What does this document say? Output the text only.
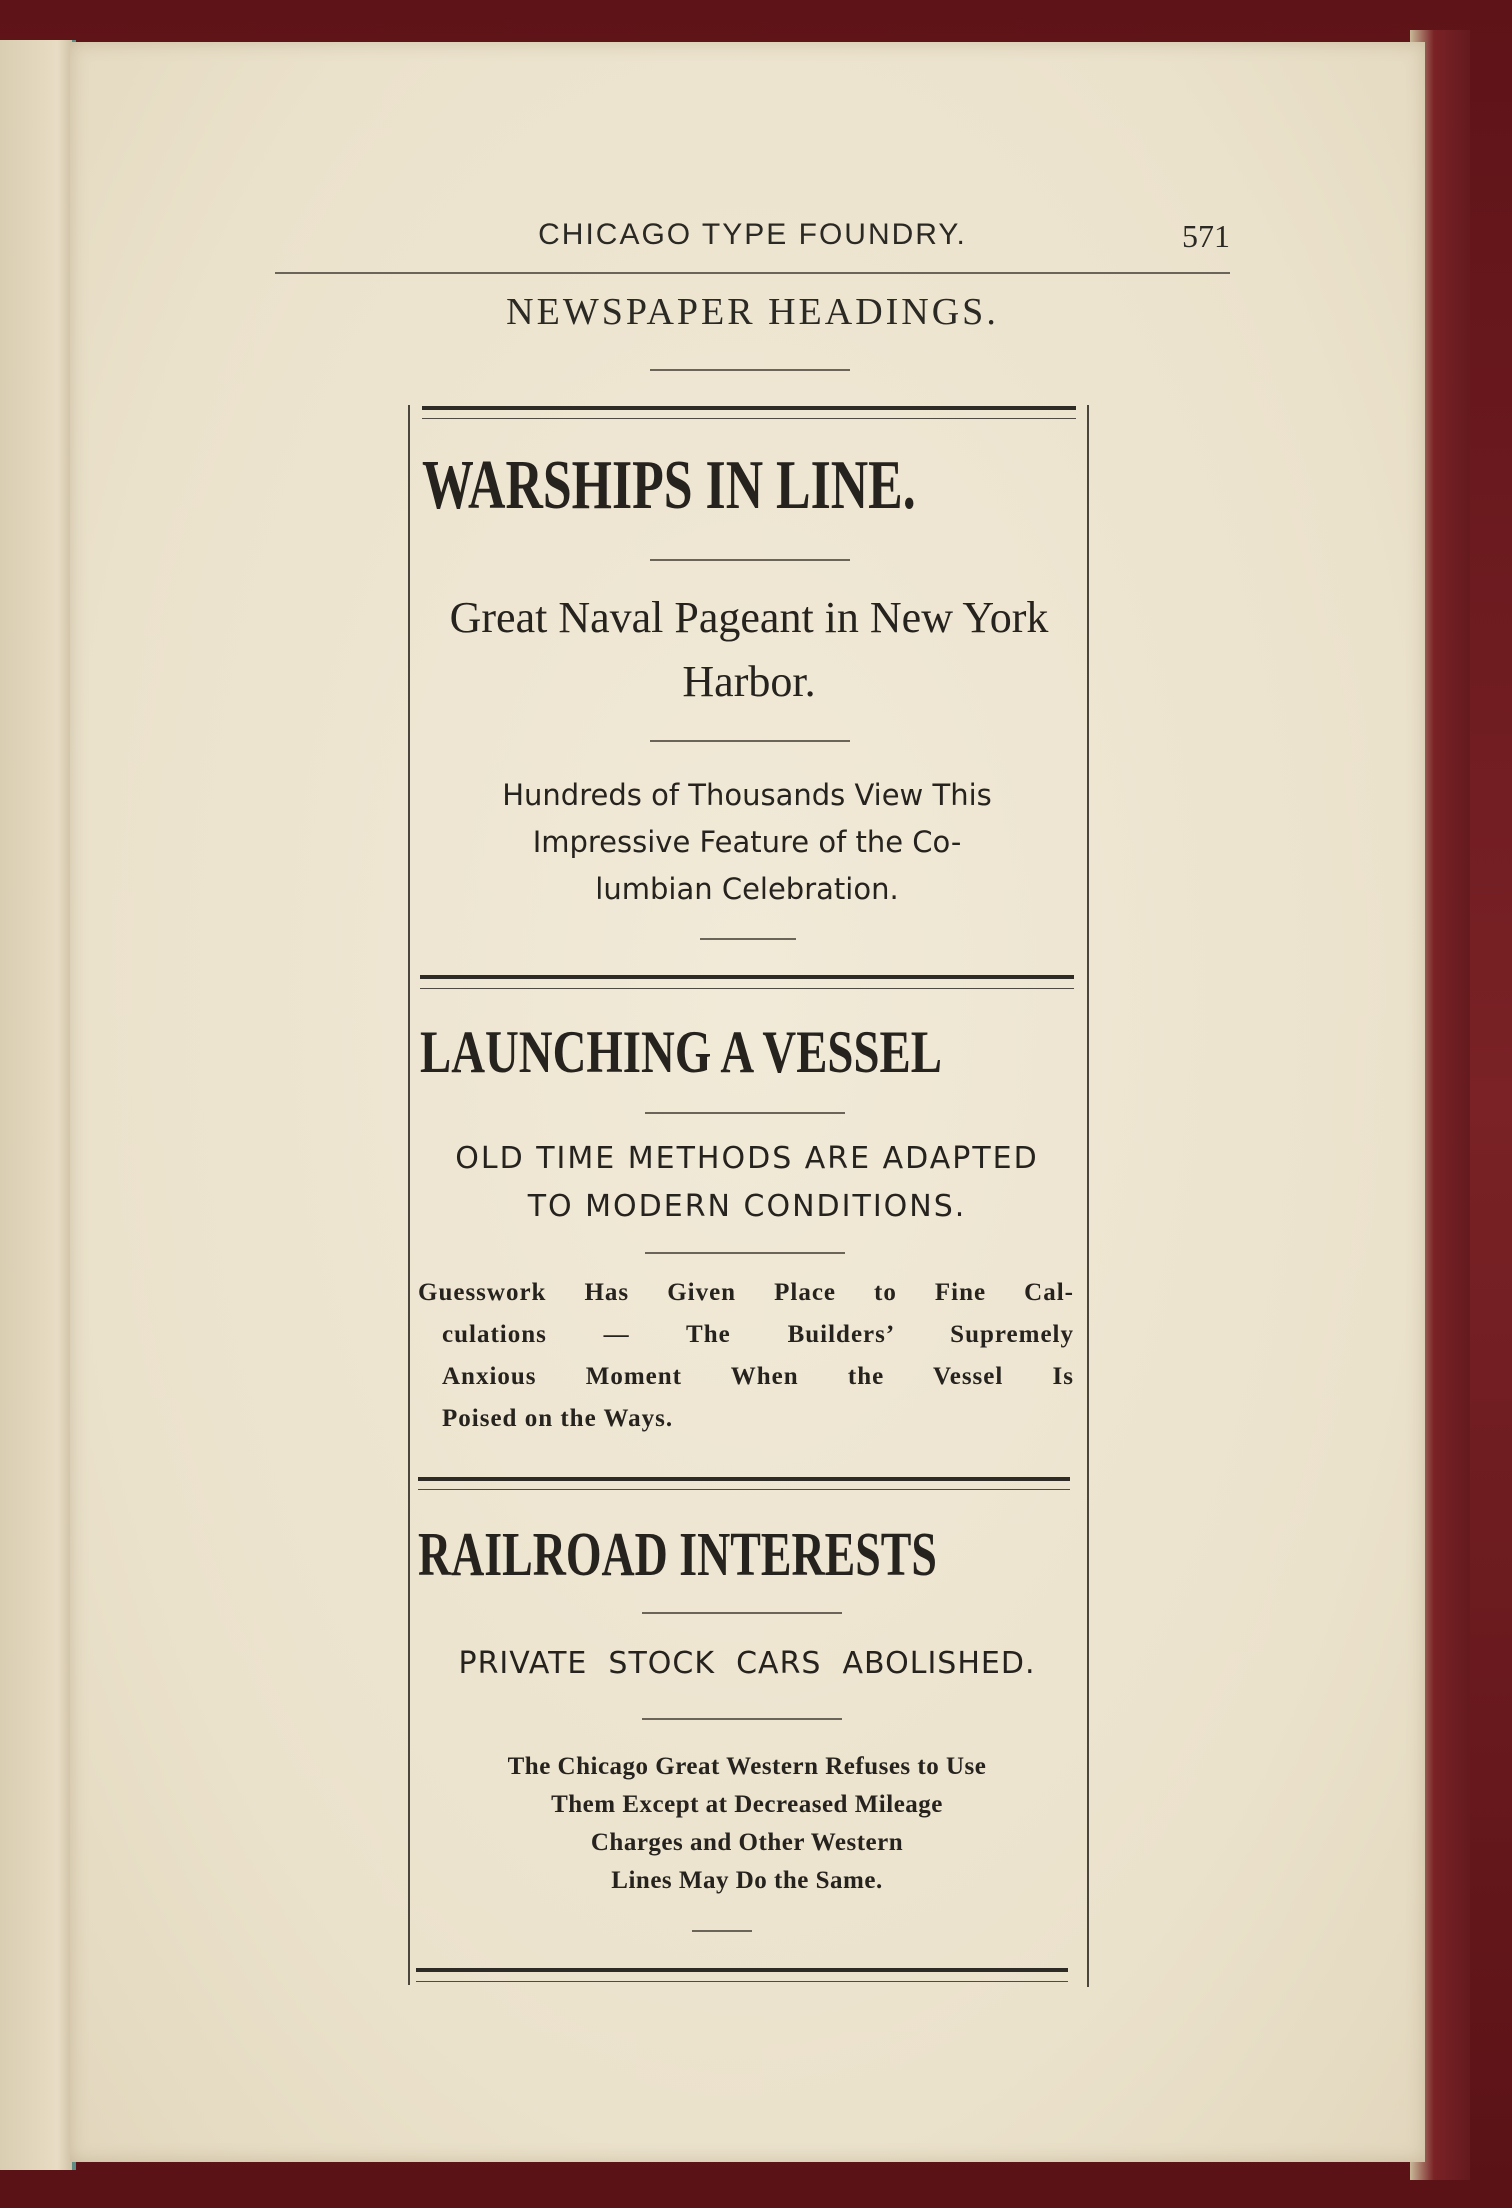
CHICAGO TYPE FOUNDRY.	571
NEWSPAPER HEADINGS.
WARSHIPS IN LINE.
Great Naval Pageant in New York Harbor.
Hundreds of Thousands View This
Impressive Feature of the Co-
lumbian Celebration.
LAUNCHING A VESSEL
OLD TIME METHODS ARE ADAPTED
TO MODERN CONDITIONS.
Guesswork Has Given Place to Fine Cal-
culations — The Builders’ Supremely
Anxious Moment When the Vessel Is
Poised on the Ways.
RAILROAD INTERESTS
PRIVATE  STOCK  CARS  ABOLISHED.
The Chicago Great Western Refuses to Use
Them Except at Decreased Mileage
Charges and Other Western
Lines May Do the Same.
